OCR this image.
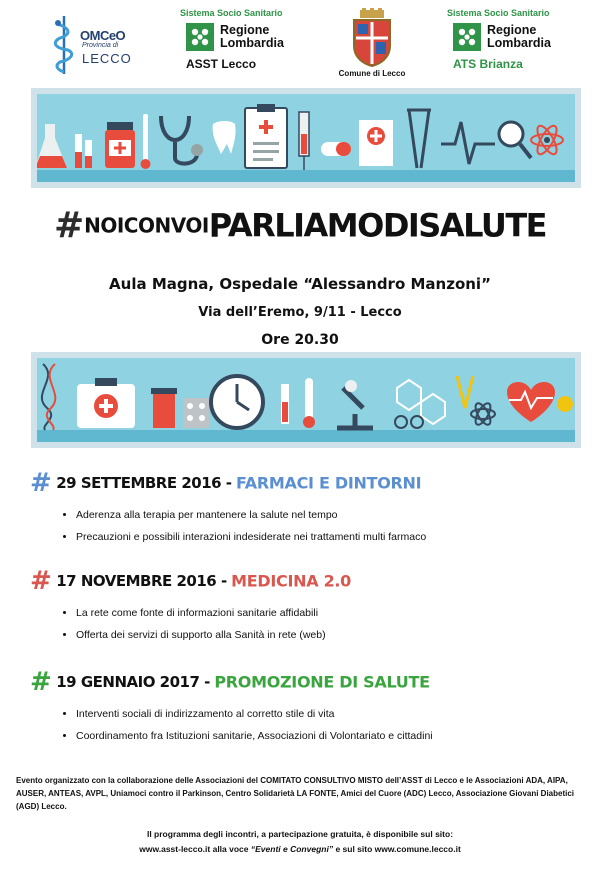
OMCeO
Provincia di
LECCO
Sistema Socio Sanitario
Regione
Lombardia
ASST Lecco
Comune di Lecco
Sistema Socio Sanitario
Regione
Lombardia
ATS Brianza
#NOICONVOIPARLIAMODISALUTE
Aula Magna, Ospedale “Alessandro Manzoni”
Via dell’Eremo, 9/11 - Lecco
Ore 20.30
# 29 SETTEMBRE 2016 - FARMACI E DINTORNI
• Aderenza alla terapia per mantenere la salute nel tempo
• Precauzioni e possibili interazioni indesiderate nei trattamenti multi farmaco
# 17 NOVEMBRE 2016 - MEDICINA 2.0
• La rete come fonte di informazioni sanitarie affidabili
• Offerta dei servizi di supporto alla Sanità in rete (web)
# 19 GENNAIO 2017 - PROMOZIONE DI SALUTE
• Interventi sociali di indirizzamento al corretto stile di vita
• Coordinamento fra Istituzioni sanitarie, Associazioni di Volontariato e cittadini
Evento organizzato con la collaborazione delle Associazioni del COMITATO CONSULTIVO MISTO dell’ASST di Lecco e le Associazioni ADA, AIPA, AUSER, ANTEAS, AVPL, Uniamoci contro il Parkinson, Centro Solidarietà LA FONTE, Amici del Cuore (ADC) Lecco, Associazione Giovani Diabetici (AGD) Lecco.
Il programma degli incontri, a partecipazione gratuita, è disponibile sul sito:
www.asst-lecco.it alla voce “Eventi e Convegni” e sul sito www.comune.lecco.it
